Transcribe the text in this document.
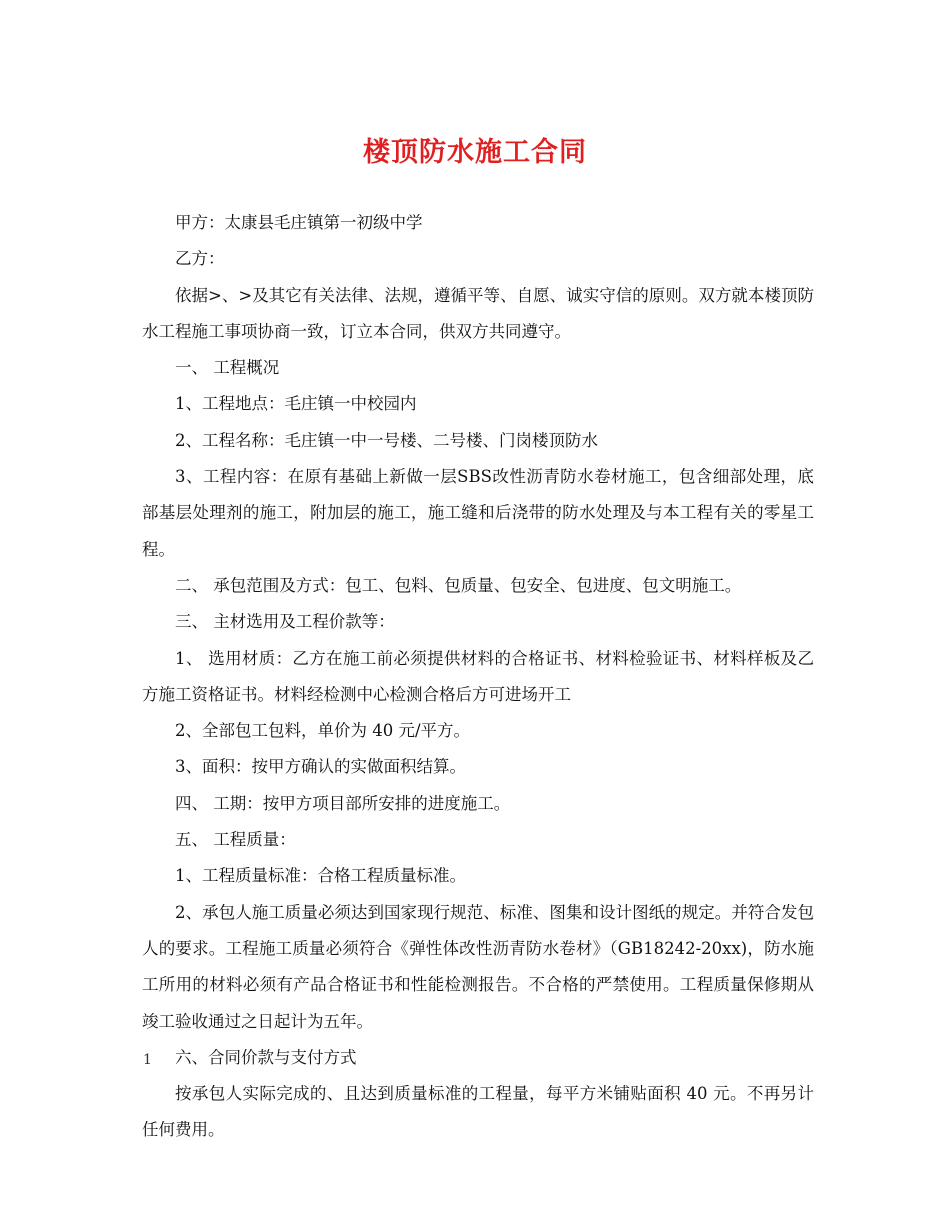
楼顶防水施工合同

甲方：太康县毛庄镇第一初级中学

乙方：

依据>、>及其它有关法律、法规，遵循平等、自愿、诚实守信的原则。双方就本楼顶防水工程施工事项协商一致，订立本合同，供双方共同遵守。

一、 工程概况

1、工程地点：毛庄镇一中校园内

2、工程名称：毛庄镇一中一号楼、二号楼、门岗楼顶防水

3、工程内容：在原有基础上新做一层SBS改性沥青防水卷材施工，包含细部处理，底部基层处理剂的施工，附加层的施工，施工缝和后浇带的防水处理及与本工程有关的零星工程。

二、 承包范围及方式：包工、包料、包质量、包安全、包进度、包文明施工。

三、 主材选用及工程价款等：

1、 选用材质：乙方在施工前必须提供材料的合格证书、材料检验证书、材料样板及乙方施工资格证书。材料经检测中心检测合格后方可进场开工

2、全部包工包料，单价为 40 元/平方。

3、面积：按甲方确认的实做面积结算。

四、 工期：按甲方项目部所安排的进度施工。

五、 工程质量：

1、工程质量标准：合格工程质量标准。

2、承包人施工质量必须达到国家现行规范、标准、图集和设计图纸的规定。并符合发包人的要求。工程施工质量必须符合《弹性体改性沥青防水卷材》（GB18242-20xx)，防水施工所用的材料必须有产品合格证书和性能检测报告。不合格的严禁使用。工程质量保修期从竣工验收通过之日起计为五年。

六、合同价款与支付方式

按承包人实际完成的、且达到质量标准的工程量，每平方米铺贴面积 40 元。不再另计任何费用。

1
